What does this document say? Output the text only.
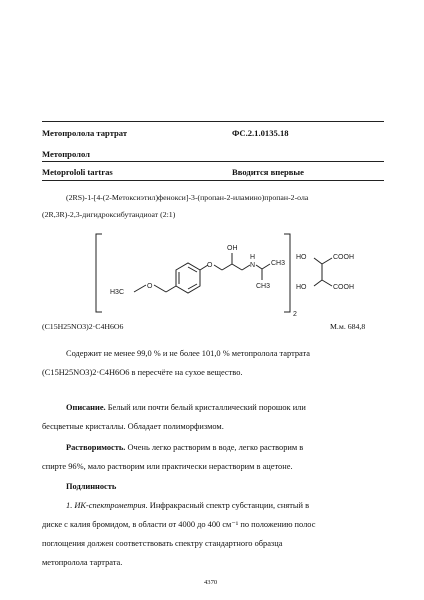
Метопролола тартрат	ФС.2.1.0135.18
Метопролол
Metoprololi tartras	Вводится впервые
(2RS)-1-[4-(2-Метоксиэтил)фенокси]-3-(пропан-2-иламино)пропан-2-ола
(2R,3R)-2,3-дигидроксибутандиоат (2:1)
H3C
O
O
OH
N
H
CH3
CH3
HO
HO
COOH
COOH
2
(C15H25NO3)2·C4H6O6	М.м. 684,8
Содержит не менее 99,0 % и не более 101,0 % метопролола тартрата
(C15H25NO3)2·C4H6O6 в пересчёте на сухое вещество.
Описание. Белый или почти белый кристаллический порошок или
бесцветные кристаллы. Обладает полиморфизмом.
Растворимость. Очень легко растворим в воде, легко растворим в
спирте 96%, мало растворим или практически нерастворим в ацетоне.
Подлинность
1. ИК-спектрометрия. Инфракрасный спектр субстанции, снятый в
диске с калия бромидом, в области от 4000 до 400 см⁻¹ по положению полос
поглощения должен соответствовать спектру стандартного образца
метопролола тартрата.
4370
